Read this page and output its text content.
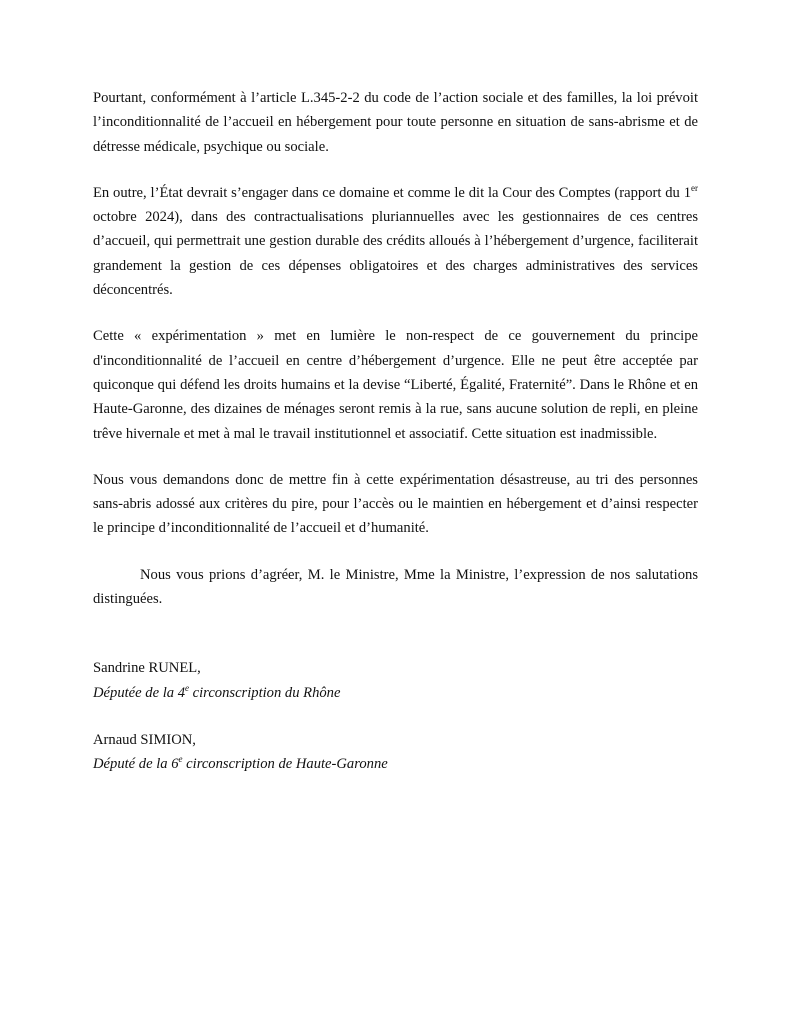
Pourtant, conformément à l’article L.345-2-2 du code de l’action sociale et des familles, la loi prévoit l’inconditionnalité de l’accueil en hébergement pour toute personne en situation de sans-abrisme et de détresse médicale, psychique ou sociale.

En outre, l’État devrait s’engager dans ce domaine et comme le dit la Cour des Comptes (rapport du 1er octobre 2024), dans des contractualisations pluriannuelles avec les gestionnaires de ces centres d’accueil, qui permettrait une gestion durable des crédits alloués à l’hébergement d’urgence, faciliterait grandement la gestion de ces dépenses obligatoires et des charges administratives des services déconcentrés.

Cette « expérimentation » met en lumière le non-respect de ce gouvernement du principe d'inconditionnalité de l’accueil en centre d’hébergement d’urgence. Elle ne peut être acceptée par quiconque qui défend les droits humains et la devise “Liberté, Égalité, Fraternité”. Dans le Rhône et en Haute-Garonne, des dizaines de ménages seront remis à la rue, sans aucune solution de repli, en pleine trêve hivernale et met à mal le travail institutionnel et associatif. Cette situation est inadmissible.

Nous vous demandons donc de mettre fin à cette expérimentation désastreuse, au tri des personnes sans-abris adossé aux critères du pire, pour l’accès ou le maintien en hébergement et d’ainsi respecter le principe d’inconditionnalité de l’accueil et d’humanité.

Nous vous prions d’agréer, M. le Ministre, Mme la Ministre, l’expression de nos salutations distinguées.

Sandrine RUNEL,
Députée de la 4e circonscription du Rhône
Arnaud SIMION,
Député de la 6e circonscription de Haute-Garonne
